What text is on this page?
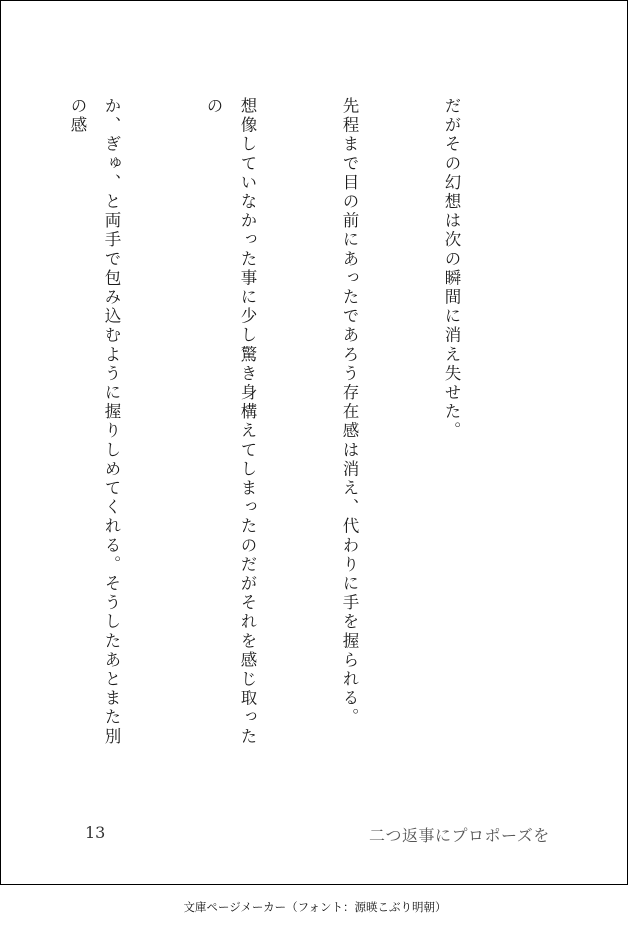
だがその幻想は次の瞬間に消え失せた。

先程まで目の前にあったであろう存在感は消え、代わりに手を握られる。

想像していなかった事に少し驚き身構えてしまったのだがそれを感じ取ったの

か、ぎゅ、と両手で包み込むように握りしめてくれる。そうしたあとまた別の感

13	二つ返事にプロポーズを
文庫ページメーカー（フォント：源暎こぶり明朝）
